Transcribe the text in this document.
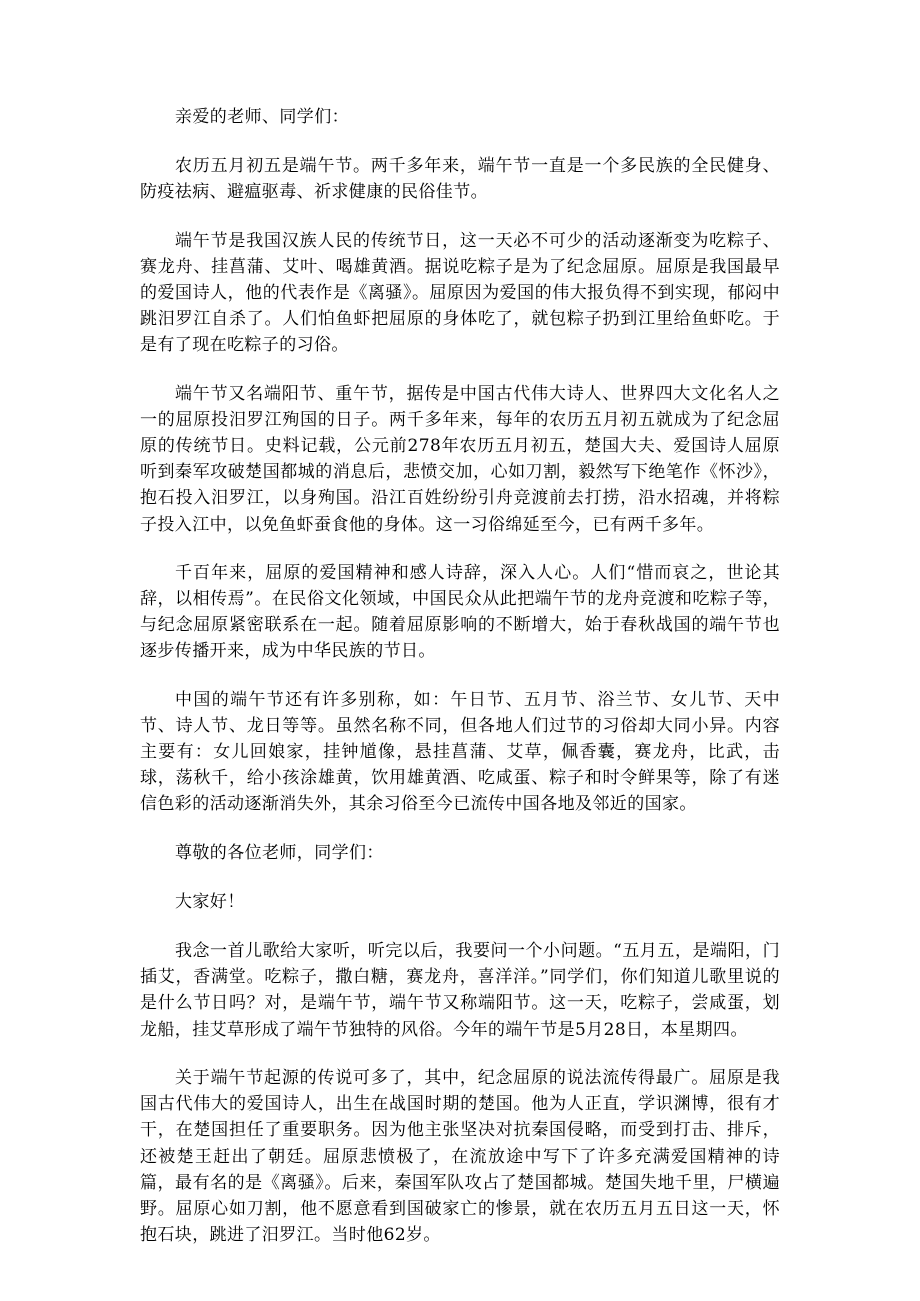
亲爱的老师、同学们：

农历五月初五是端午节。两千多年来，端午节一直是一个多民族的全民健身、防疫祛病、避瘟驱毒、祈求健康的民俗佳节。

端午节是我国汉族人民的传统节日，这一天必不可少的活动逐渐变为吃粽子、赛龙舟、挂菖蒲、艾叶、喝雄黄酒。据说吃粽子是为了纪念屈原。屈原是我国最早的爱国诗人，他的代表作是《离骚》。屈原因为爱国的伟大报负得不到实现，郁闷中跳汨罗江自杀了。人们怕鱼虾把屈原的身体吃了，就包粽子扔到江里给鱼虾吃。于是有了现在吃粽子的习俗。

端午节又名端阳节、重午节，据传是中国古代伟大诗人、世界四大文化名人之一的屈原投汨罗江殉国的日子。两千多年来，每年的农历五月初五就成为了纪念屈原的传统节日。史料记载，公元前278年农历五月初五，楚国大夫、爱国诗人屈原听到秦军攻破楚国都城的消息后，悲愤交加，心如刀割，毅然写下绝笔作《怀沙》，抱石投入汨罗江，以身殉国。沿江百姓纷纷引舟竞渡前去打捞，沿水招魂，并将粽子投入江中，以免鱼虾蚕食他的身体。这一习俗绵延至今，已有两千多年。

千百年来，屈原的爱国精神和感人诗辞，深入人心。人们“惜而哀之，世论其辞，以相传焉”。在民俗文化领域，中国民众从此把端午节的龙舟竞渡和吃粽子等，与纪念屈原紧密联系在一起。随着屈原影响的不断增大，始于春秋战国的端午节也逐步传播开来，成为中华民族的节日。

中国的端午节还有许多别称，如：午日节、五月节、浴兰节、女儿节、天中节、诗人节、龙日等等。虽然名称不同，但各地人们过节的习俗却大同小异。内容主要有：女儿回娘家，挂钟馗像，悬挂菖蒲、艾草，佩香囊，赛龙舟，比武，击球，荡秋千，给小孩涂雄黄，饮用雄黄酒、吃咸蛋、粽子和时令鲜果等，除了有迷信色彩的活动逐渐消失外，其余习俗至今已流传中国各地及邻近的国家。

尊敬的各位老师，同学们：

大家好！

我念一首儿歌给大家听，听完以后，我要问一个小问题。“五月五，是端阳，门插艾，香满堂。吃粽子，撒白糖，赛龙舟，喜洋洋。”同学们，你们知道儿歌里说的是什么节日吗？对，是端午节，端午节又称端阳节。这一天，吃粽子，尝咸蛋，划龙船，挂艾草形成了端午节独特的风俗。今年的端午节是5月28日，本星期四。

关于端午节起源的传说可多了，其中，纪念屈原的说法流传得最广。屈原是我国古代伟大的爱国诗人，出生在战国时期的楚国。他为人正直，学识渊博，很有才干，在楚国担任了重要职务。因为他主张坚决对抗秦国侵略，而受到打击、排斥，还被楚王赶出了朝廷。屈原悲愤极了，在流放途中写下了许多充满爱国精神的诗篇，最有名的是《离骚》。后来，秦国军队攻占了楚国都城。楚国失地千里，尸横遍野。屈原心如刀割，他不愿意看到国破家亡的惨景，就在农历五月五日这一天，怀抱石块，跳进了汨罗江。当时他62岁。
